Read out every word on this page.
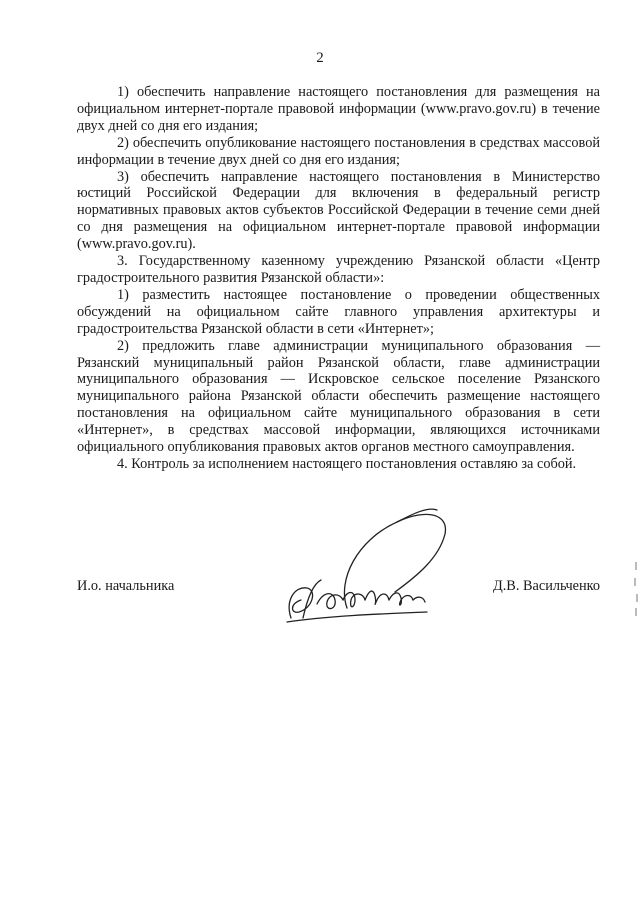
2

1) обеспечить направление настоящего постановления для размещения на официальном интернет-портале правовой информации (www.pravo.gov.ru) в течение двух дней со дня его издания;

2) обеспечить опубликование настоящего постановления в средствах массовой информации в течение двух дней со дня его издания;

3) обеспечить направление настоящего постановления в Министерство юстиций Российской Федерации для включения в федеральный регистр нормативных правовых актов субъектов Российской Федерации в течение семи дней со дня размещения на официальном интернет-портале правовой информации (www.pravo.gov.ru).

3. Государственному казенному учреждению Рязанской области «Центр градостроительного развития Рязанской области»:

1) разместить настоящее постановление о проведении общественных обсуждений на официальном сайте главного управления архитектуры и градостроительства Рязанской области в сети «Интернет»;

2) предложить главе администрации муниципального образования — Рязанский муниципальный район Рязанской области, главе администрации муниципального образования — Искровское сельское поселение Рязанского муниципального района Рязанской области обеспечить размещение настоящего постановления на официальном сайте муниципального образования в сети «Интернет», в средствах массовой информации, являющихся источниками официального опубликования правовых актов органов местного самоуправления.

4. Контроль за исполнением настоящего постановления оставляю за собой.

И.о. начальника	Д.В. Васильченко
